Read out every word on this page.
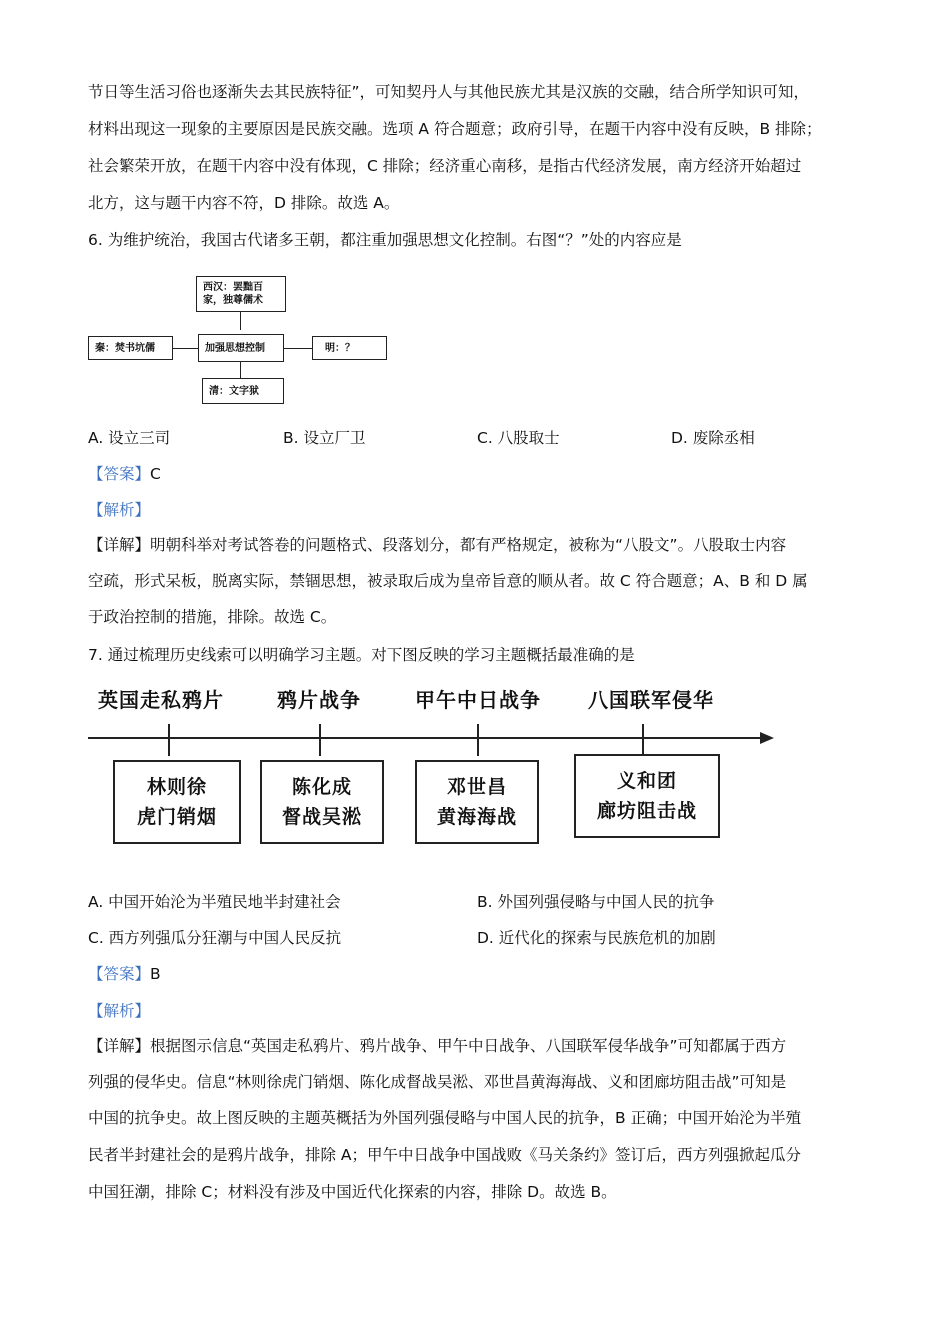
节日等生活习俗也逐渐失去其民族特征”，可知契丹人与其他民族尤其是汉族的交融，结合所学知识可知，
材料出现这一现象的主要原因是民族交融。选项 A 符合题意；政府引导，在题干内容中没有反映，B 排除；
社会繁荣开放，在题干内容中没有体现，C 排除；经济重心南移，是指古代经济发展，南方经济开始超过
北方，这与题干内容不符，D 排除。故选 A。
6. 为维护统治，我国古代诸多王朝，都注重加强思想文化控制。右图“？”处的内容应是
西汉：罢黜百
家，独尊儒术
秦：焚书坑儒	加强思想控制	明：？
清：文字狱
A. 设立三司	B. 设立厂卫	C. 八股取士	D. 废除丞相
【答案】C
【解析】
【详解】明朝科举对考试答卷的问题格式、段落划分，都有严格规定，被称为“八股文”。八股取士内容
空疏，形式呆板，脱离实际，禁锢思想，被录取后成为皇帝旨意的顺从者。故 C 符合题意；A、B 和 D 属
于政治控制的措施，排除。故选 C。
7. 通过梳理历史线索可以明确学习主题。对下图反映的学习主题概括最准确的是
英国走私鸦片	鸦片战争	甲午中日战争 八国联军侵华
林则徐
虎门销烟
陈化成
督战吴淞
邓世昌
黄海海战
义和团
廊坊阻击战
A. 中国开始沦为半殖民地半封建社会	B. 外国列强侵略与中国人民的抗争
C. 西方列强瓜分狂潮与中国人民反抗	D. 近代化的探索与民族危机的加剧
【答案】B
【解析】
【详解】根据图示信息“英国走私鸦片、鸦片战争、甲午中日战争、八国联军侵华战争”可知都属于西方
列强的侵华史。信息“林则徐虎门销烟、陈化成督战吴淞、邓世昌黄海海战、义和团廊坊阻击战”可知是
中国的抗争史。故上图反映的主题英概括为外国列强侵略与中国人民的抗争，B 正确；中国开始沦为半殖
民者半封建社会的是鸦片战争，排除 A；甲午中日战争中国战败《马关条约》签订后，西方列强掀起瓜分
中国狂潮，排除 C；材料没有涉及中国近代化探索的内容，排除 D。故选 B。
